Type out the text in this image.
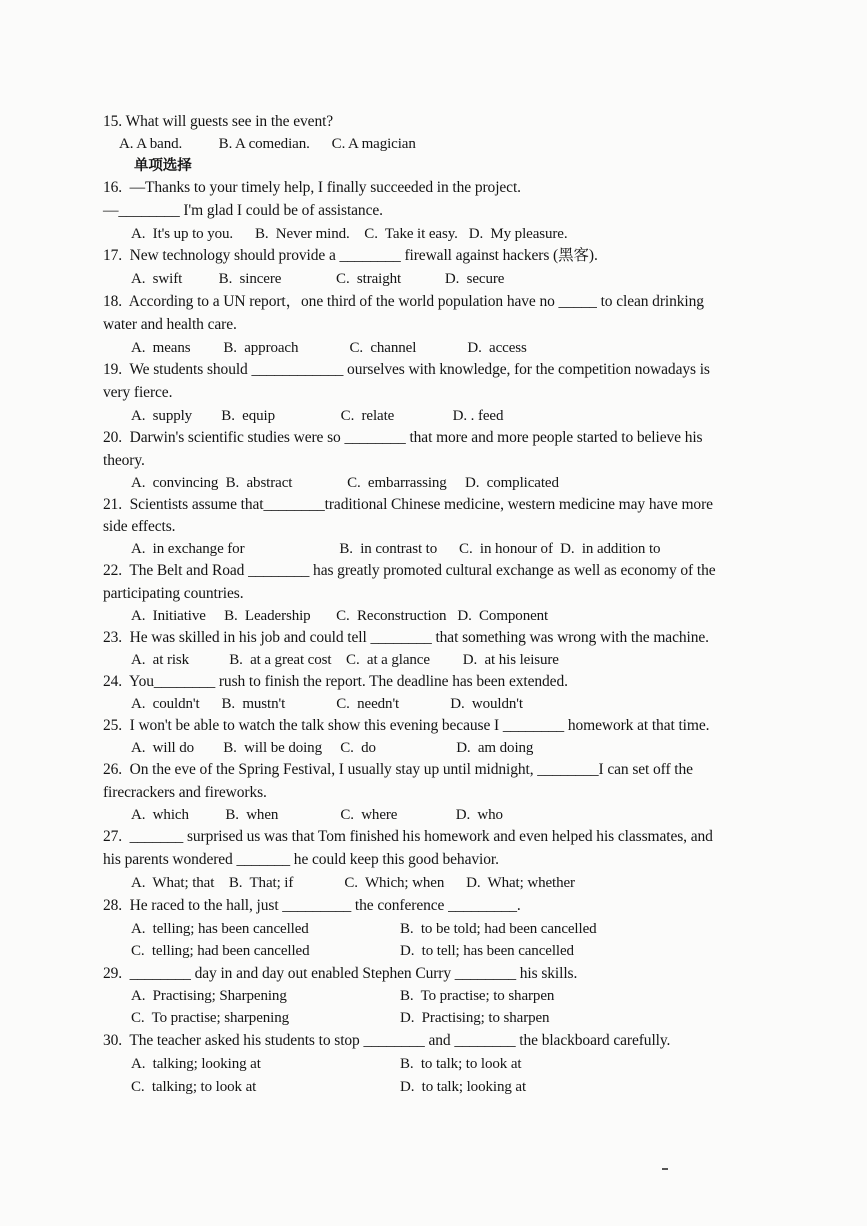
15. What will guests see in the event?
A. A band.          B. A comedian.      C. A magician
单项选择
16.  —Thanks to your timely help, I finally succeeded in the project.
—________ I'm glad I could be of assistance.
A.  It's up to you.      B.  Never mind.    C.  Take it easy.   D.  My pleasure.
17.  New technology should provide a ________ firewall against hackers (黑客).
A.  swift          B.  sincere               C.  straight            D.  secure
18.  According to a UN report，one third of the world population have no _____ to clean drinking
water and health care.
A.  means         B.  approach              C.  channel              D.  access
19.  We students should ____________ ourselves with knowledge, for the competition nowadays is
very fierce.
A.  supply        B.  equip                  C.  relate                D. . feed
20.  Darwin's scientific studies were so ________ that more and more people started to believe his
theory.
A.  convincing  B.  abstract               C.  embarrassing     D.  complicated
21.  Scientists assume that________traditional Chinese medicine, western medicine may have more
side effects.
A.  in exchange for                          B.  in contrast to      C.  in honour of  D.  in addition to
22.  The Belt and Road ________ has greatly promoted cultural exchange as well as economy of the
participating countries.
A.  Initiative     B.  Leadership       C.  Reconstruction   D.  Component
23.  He was skilled in his job and could tell ________ that something was wrong with the machine.
A.  at risk           B.  at a great cost    C.  at a glance         D.  at his leisure
24.  You________ rush to finish the report. The deadline has been extended.
A.  couldn't      B.  mustn't              C.  needn't              D.  wouldn't
25.  I won't be able to watch the talk show this evening because I ________ homework at that time.
A.  will do        B.  will be doing     C.  do                      D.  am doing
26.  On the eve of the Spring Festival, I usually stay up until midnight, ________I can set off the
firecrackers and fireworks.
A.  which          B.  when                 C.  where                D.  who
27.  _______ surprised us was that Tom finished his homework and even helped his classmates, and
his parents wondered _______ he could keep this good behavior.
A.  What; that    B.  That; if              C.  Which; when      D.  What; whether
28.  He raced to the hall, just _________ the conference _________.
A.  telling; has been cancelled	B.  to be told; had been cancelled
C.  telling; had been cancelled	D.  to tell; has been cancelled
29.  ________ day in and day out enabled Stephen Curry ________ his skills.
A.  Practising; Sharpening	B.  To practise; to sharpen
C.  To practise; sharpening	D.  Practising; to sharpen
30.  The teacher asked his students to stop ________ and ________ the blackboard carefully.
A.  talking; looking at	B.  to talk; to look at
C.  talking; to look at	D.  to talk; looking at
